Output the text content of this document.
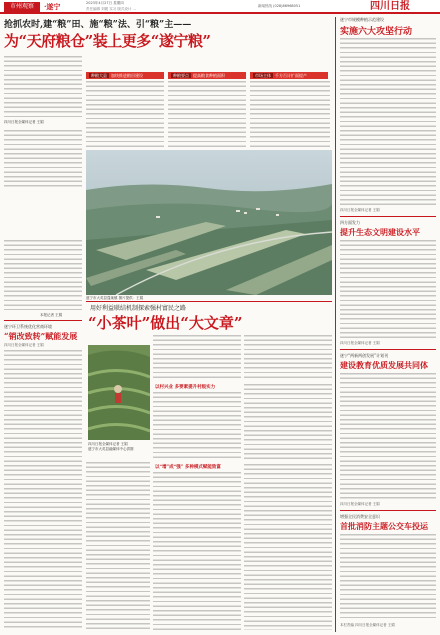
市州观察	·遂宁	2023年4月27日 星期四
责任编辑 刘媛 实习 版式设计 ...
新闻热线 (028)86968051	四川日报
抢抓农时,建“粮”田、施“粮”法、引“粮”主——
为“天府粮仓”装上更多“遂宁粮”
四川日报全媒体记者 王娟
种粮大县 加快推进粮田建设	种粮要点 提高粮食种植面积	市场主体 千方百计扩面提产
本报记者 王娟
遂宁市大英县蓬莱镇 图片提供：王娟
遂宁市规模种植示范建设
实施六大攻坚行动
四川日报全媒体记者 王娟
四方面发力
提升生态文明建设水平
四川日报全媒体记者 王娟
遂宁“两新两创发展”计划刊
建设教育优质发展共同体
四川日报全媒体记者 王娟
增强全民消费安全意识
首批消防主题公交车投运
本栏责编 四川日报全媒体记者 王娟
遂宁环卫系统优化营商环境
“销改致转”赋能发展
四川日报全媒体记者 王娟
用好利益联结机制探索强村富民之路
“小茶叶”做出“大文章”
四川日报全媒体记者 王娟
遂宁市大英县融媒体中心供图
以村兴业 多要素提升村级实力
以“增”成“强” 多种模式赋能致富
